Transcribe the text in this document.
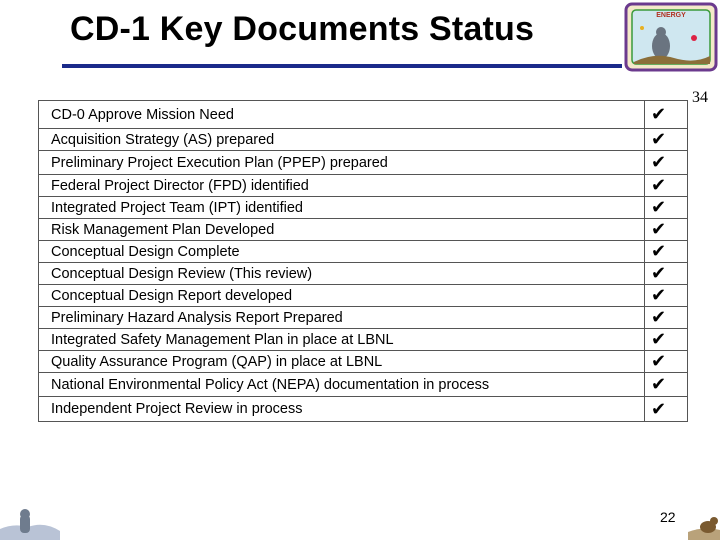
CD-1 Key Documents Status	ENERGY
34
CD-0 Approve Mission Need	✔
Acquisition Strategy (AS) prepared	✔
Preliminary Project Execution Plan (PPEP) prepared	✔
Federal Project Director (FPD) identified	✔
Integrated Project Team (IPT) identified	✔
Risk Management Plan Developed	✔
Conceptual Design Complete	✔
Conceptual Design Review (This review)	✔
Conceptual Design Report developed	✔
Preliminary Hazard Analysis Report Prepared	✔
Integrated Safety Management Plan in place at LBNL	✔
Quality Assurance Program (QAP) in place at LBNL	✔
National Environmental Policy Act (NEPA) documentation in process	✔
Independent Project Review in process	✔
22
